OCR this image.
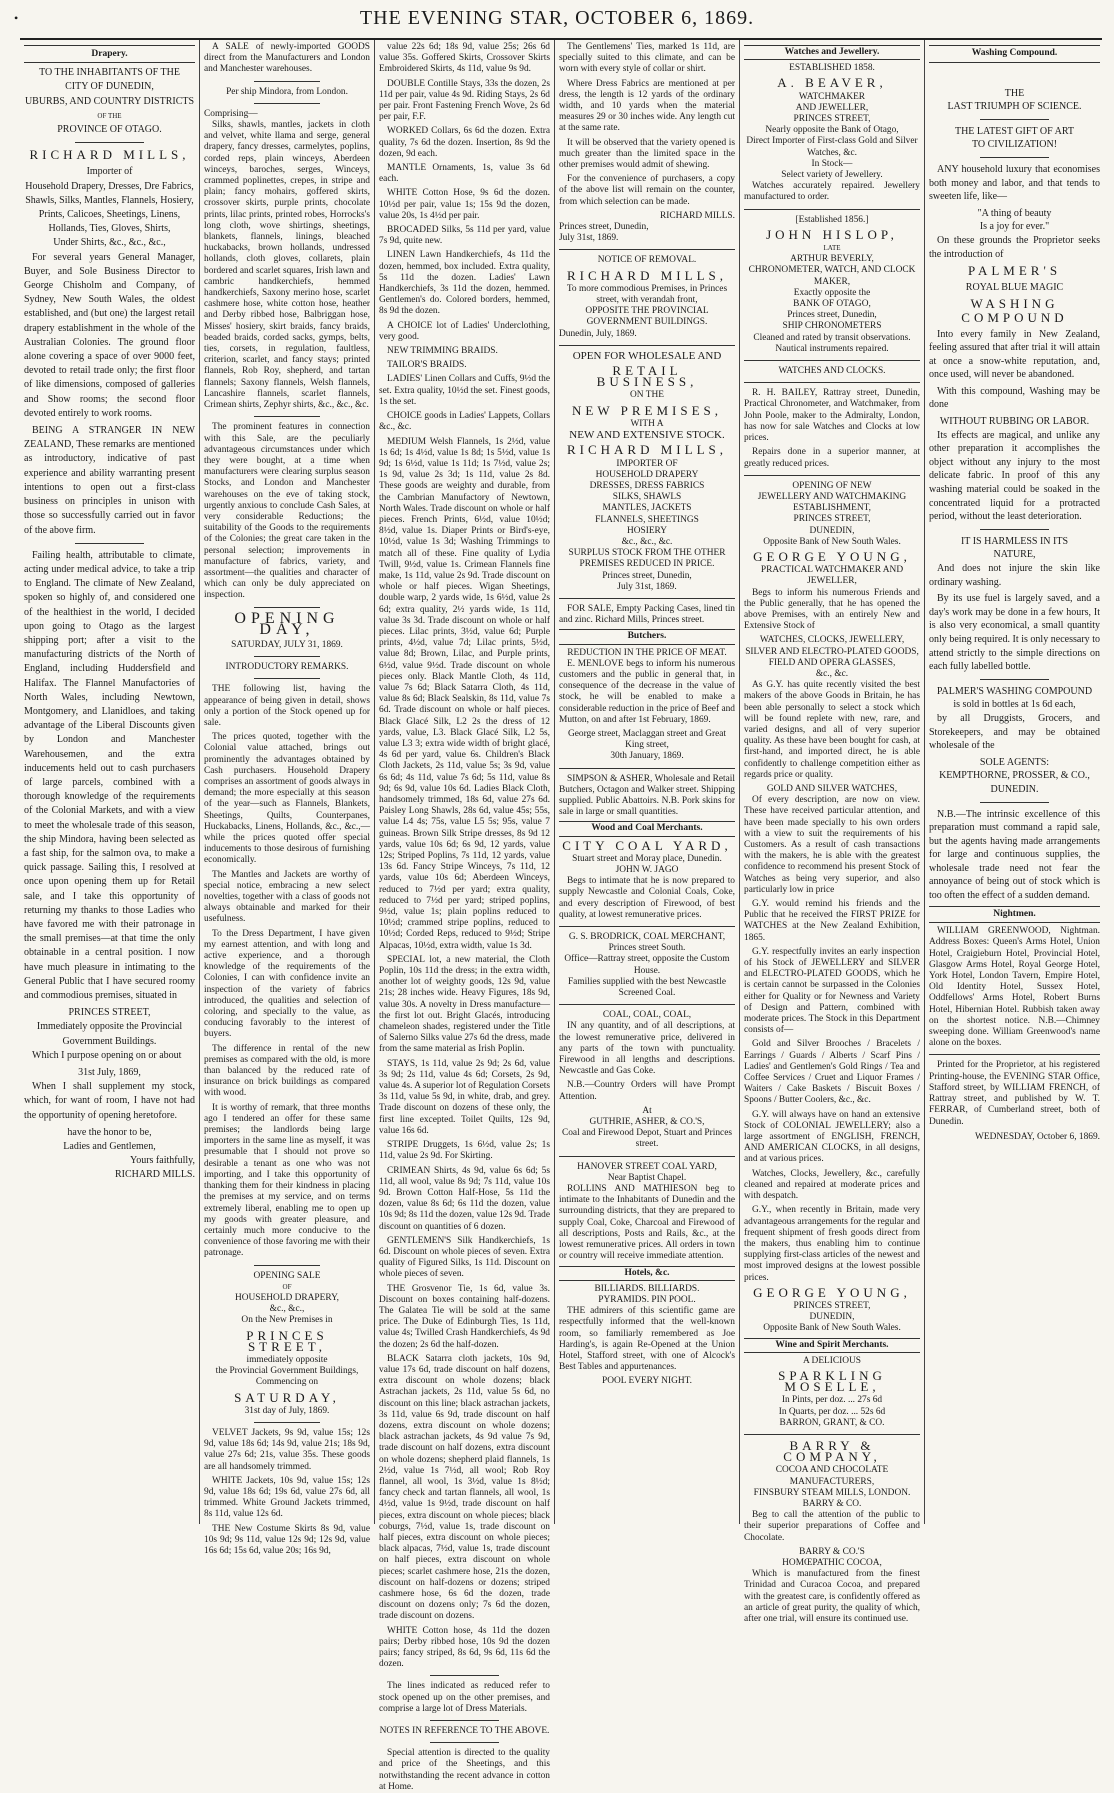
•	THE EVENING STAR, OCTOBER 6, 1869.
Drapery.
TO THE INHABITANTS OF THE
CITY OF DUNEDIN,
UBURBS, AND COUNTRY DISTRICTS
OF THE
PROVINCE OF OTAGO.
RICHARD MILLS,
Importer of
Household Drapery, Dresses, Dre Fabrics,
Shawls, Silks, Mantles, Flannels, Hosiery,
Prints, Calicoes, Sheetings, Linens,
Hollands, Ties, Gloves, Shirts,
Under Shirts, &c., &c., &c.,

For several years General Manager, Buyer, and Sole Business Director to George Chisholm and Company, of Sydney, New South Wales, the oldest established, and (but one) the largest retail drapery establishment in the whole of the Australian Colonies. The ground floor alone covering a space of over 9000 feet, devoted to retail trade only; the first floor of like dimensions, composed of galleries and Show rooms; the second floor devoted entirely to work rooms.

BEING A STRANGER IN NEW ZEALAND, These remarks are mentioned as introductory, indicative of past experience and ability warranting present intentions to open out a first-class business on principles in unison with those so successfully carried out in favor of the above firm.

Failing health, attributable to climate, acting under medical advice, to take a trip to England. The climate of New Zealand, spoken so highly of, and considered one of the healthiest in the world, I decided upon going to Otago as the largest shipping port; after a visit to the manufacturing districts of the North of England, including Huddersfield and Halifax. The Flannel Manufactories of North Wales, including Newtown, Montgomery, and Llanidloes, and taking advantage of the Liberal Discounts given by London and Manchester Warehousemen, and the extra inducements held out to cash purchasers of large parcels, combined with a thorough knowledge of the requirements of the Colonial Markets, and with a view to meet the wholesale trade of this season, the ship Mindora, having been selected as a fast ship, for the salmon ova, to make a quick passage. Sailing this, I resolved at once upon opening them up for Retail sale, and I take this opportunity of returning my thanks to those Ladies who have favored me with their patronage in the small premises—at that time the only obtainable in a central position. I now have much pleasure in intimating to the General Public that I have secured roomy and commodious premises, situated in

PRINCES STREET,
Immediately opposite the Provincial
Government Buildings.

Which I purpose opening on or about

31st July, 1869,

When I shall supplement my stock, which, for want of room, I have not had the opportunity of opening heretofore.

have the honor to be,
Ladies and Gentlemen,
Yours faithfully,
RICHARD MILLS.

A SALE of newly-imported GOODS direct from the Manufacturers and London and Manchester warehouses.

Per ship Mindora, from London.
Comprising—

Silks, shawls, mantles, jackets in cloth and velvet, white llama and serge, general drapery, fancy dresses, carmelytes, poplins, corded reps, plain winceys, Aberdeen winceys, baroches, serges, Winceys, crammed poplinettes, crepes, in stripe and plain; fancy mohairs, goffered skirts, crossover skirts, purple prints, chocolate prints, lilac prints, printed robes, Horrocks's long cloth, wove shirtings, sheetings, blankets, flannels, linings, bleached huckabacks, brown hollands, undressed hollands, cloth gloves, collarets, plain bordered and scarlet squares, Irish lawn and cambric handkerchiefs, hemmed handkerchiefs, Saxony merino hose, scarlet cashmere hose, white cotton hose, heather and Derby ribbed hose, Balbriggan hose, Misses' hosiery, skirt braids, fancy braids, beaded braids, corded sacks, gymps, belts, ties, corsets, in regulation, faultless, criterion, scarlet, and fancy stays; printed flannels, Rob Roy, shepherd, and tartan flannels; Saxony flannels, Welsh flannels, Lancashire flannels, scarlet flannels, Crimean shirts, Zephyr shirts, &c., &c., &c.

The prominent features in connection with this Sale, are the peculiarly advantageous circumstances under which they were bought, at a time when manufacturers were clearing surplus season Stocks, and London and Manchester warehouses on the eve of taking stock, urgently anxious to conclude Cash Sales, at very considerable Reductions; the suitability of the Goods to the requirements of the Colonies; the great care taken in the personal selection; improvements in manufacture of fabrics, variety, and assortment—the qualities and character of which can only be duly appreciated on inspection.

OPENING DAY,
SATURDAY, JULY 31, 1869.
INTRODUCTORY REMARKS.

THE following list, having the appearance of being given in detail, shows only a portion of the Stock opened up for sale.

The prices quoted, together with the Colonial value attached, brings out prominently the advantages obtained by Cash purchasers. Household Drapery comprises an assortment of goods always in demand; the more especially at this season of the year—such as Flannels, Blankets, Sheetings, Quilts, Counterpanes, Huckabacks, Linens, Hollands, &c., &c.,—while the prices quoted offer special inducements to those desirous of furnishing economically.

The Mantles and Jackets are worthy of special notice, embracing a new select novelties, together with a class of goods not always obtainable and marked for their usefulness.

To the Dress Department, I have given my earnest attention, and with long and active experience, and a thorough knowledge of the requirements of the Colonies, I can with confidence invite an inspection of the variety of fabrics introduced, the qualities and selection of coloring, and specially to the value, as conducing favorably to the interest of buyers.

The difference in rental of the new premises as compared with the old, is more than balanced by the reduced rate of insurance on brick buildings as compared with wood.

It is worthy of remark, that three months ago I tendered an offer for these same premises; the landlords being large importers in the same line as myself, it was presumable that I should not prove so desirable a tenant as one who was not importing, and I take this opportunity of thanking them for their kindness in placing the premises at my service, and on terms extremely liberal, enabling me to open up my goods with greater pleasure, and certainly much more conducive to the convenience of those favoring me with their patronage.

OPENING SALE
OF
HOUSEHOLD DRAPERY,
&c., &c.,
On the New Premises in
PRINCES STREET,
immediately opposite
the Provincial Government Buildings,
Commencing on
SATURDAY,
31st day of July, 1869.

VELVET Jackets, 9s 9d, value 15s; 12s 9d, value 18s 6d; 14s 9d, value 21s; 18s 9d, value 27s 6d; 21s, value 35s. These goods are all handsomely trimmed.

WHITE Jackets, 10s 9d, value 15s; 12s 9d, value 18s 6d; 19s 6d, value 27s 6d, all trimmed. White Ground Jackets trimmed, 8s 11d, value 12s 6d.

THE New Costume Skirts 8s 9d, value 10s 9d; 9s 11d, value 12s 9d; 12s 9d, value 16s 6d; 15s 6d, value 20s; 16s 9d,

value 22s 6d; 18s 9d, value 25s; 26s 6d value 35s. Goffered Skirts, Crossover Skirts Embroidered Skirts, 4s 11d, value 9s 9d.

DOUBLE Contille Stays, 33s the dozen, 2s 11d per pair, value 4s 9d. Riding Stays, 2s 6d per pair. Front Fastening French Wove, 2s 6d per pair, F.F.

WORKED Collars, 6s 6d the dozen. Extra quality, 7s 6d the dozen. Insertion, 8s 9d the dozen, 9d each.

MANTLE Ornaments, 1s, value 3s 6d each.

WHITE Cotton Hose, 9s 6d the dozen. 10½d per pair, value 1s; 15s 9d the dozen, value 20s, 1s 4½d per pair.

BROCADED Silks, 5s 11d per yard, value 7s 9d, quite new.

LINEN Lawn Handkerchiefs, 4s 11d the dozen, hemmed, box included. Extra quality, 5s 11d the dozen. Ladies' Lawn Handkerchiefs, 3s 11d the dozen, hemmed. Gentlemen's do. Colored borders, hemmed, 8s 9d the dozen.

A CHOICE lot of Ladies' Underclothing, very good.

NEW TRIMMING BRAIDS.

TAILOR'S BRAIDS.

LADIES' Linen Collars and Cuffs, 9½d the set. Extra quality, 10½d the set. Finest goods, 1s the set.

CHOICE goods in Ladies' Lappets, Collars &c., &c.

MEDIUM Welsh Flannels, 1s 2½d, value 1s 6d; 1s 4½d, value 1s 8d; 1s 5½d, value 1s 9d; 1s 6½d, value 1s 11d; 1s 7½d, value 2s; 1s 9d, value 2s 3d; 1s 11d, value 2s 8d. These goods are weighty and durable, from the Cambrian Manufactory of Newtown, North Wales. Trade discount on whole or half pieces. French Prints, 6½d, value 10½d; 8½d, value 1s. Diaper Prints or Bird's-eye, 10½d, value 1s 3d; Washing Trimmings to match all of these. Fine quality of Lydia Twill, 9½d, value 1s. Crimean Flannels fine make, 1s 11d, value 2s 9d. Trade discount on whole or half pieces. Wigan Sheetings, double warp, 2 yards wide, 1s 6½d, value 2s 6d; extra quality, 2½ yards wide, 1s 11d, value 3s 3d. Trade discount on whole or half pieces. Lilac prints, 3½d, value 6d; Purple prints, 4½d, value 7d; Lilac prints, 5½d, value 8d; Brown, Lilac, and Purple prints, 6½d, value 9½d. Trade discount on whole pieces only. Black Mantle Cloth, 4s 11d, value 7s 6d; Black Satarra Cloth, 4s 11d, value 8s 6d; Black Sealskin, 8s 11d, value 7s 6d. Trade discount on whole or half pieces. Black Glacé Silk, L2 2s the dress of 12 yards, value, L3. Black Glacé Silk, L2 5s, value L3 3; extra wide width of bright glacé, 4s 6d per yard, value 6s. Children's Black Cloth Jackets, 2s 11d, value 5s; 3s 9d, value 6s 6d; 4s 11d, value 7s 6d; 5s 11d, value 8s 9d; 6s 9d, value 10s 6d. Ladies Black Cloth, handsomely trimmed, 18s 6d, value 27s 6d. Paisley Long Shawls, 28s 6d, value 45s; 55s, value L4 4s; 75s, value L5 5s; 95s, value 7 guineas. Brown Silk Stripe dresses, 8s 9d 12 yards, value 10s 6d; 6s 9d, 12 yards, value 12s; Striped Poplins, 7s 11d, 12 yards, value 13s 6d. Fancy Stripe Winceys, 7s 11d, 12 yards, value 10s 6d; Aberdeen Winceys, reduced to 7½d per yard; extra quality, reduced to 7½d per yard; striped poplins, 9½d, value 1s; plain poplins reduced to 10½d; crammed stripe poplins, reduced to 10½d; Corded Reps, reduced to 9½d; Stripe Alpacas, 10½d, extra width, value 1s 3d.

SPECIAL lot, a new material, the Cloth Poplin, 10s 11d the dress; in the extra width, another lot of weighty goods, 12s 9d, value 21s; 28 inches wide. Heavy Figures, 18s 9d, value 30s. A novelty in Dress manufacture—the first lot out. Bright Glacés, introducing chameleon shades, registered under the Title of Salerno Silks value 27s 6d the dress, made from the same material as Irish Poplin.

STAYS, 1s 11d, value 2s 9d; 2s 6d, value 3s 9d; 2s 11d, value 4s 6d; Corsets, 2s 9d, value 4s. A superior lot of Regulation Corsets 3s 11d, value 5s 9d, in white, drab, and grey. Trade discount on dozens of these only, the first line excepted. Toilet Quilts, 12s 9d, value 16s 6d.

STRIPE Druggets, 1s 6½d, value 2s; 1s 11d, value 2s 9d. For Skirting.

CRIMEAN Shirts, 4s 9d, value 6s 6d; 5s 11d, all wool, value 8s 9d; 7s 11d, value 10s 9d. Brown Cotton Half-Hose, 5s 11d the dozen, value 8s 6d; 6s 11d the dozen, value 10s 9d; 8s 11d the dozen, value 12s 9d. Trade discount on quantities of 6 dozen.

GENTLEMEN'S Silk Handkerchiefs, 1s 6d. Discount on whole pieces of seven. Extra quality of Figured Silks, 1s 11d. Discount on whole pieces of seven.

THE Grosvenor Tie, 1s 6d, value 3s. Discount on boxes containing half-dozens. The Galatea Tie will be sold at the same price. The Duke of Edinburgh Ties, 1s 11d, value 4s; Twilled Crash Handkerchiefs, 4s 9d the dozen; 2s 6d the half-dozen.

BLACK Satarra cloth jackets, 10s 9d, value 17s 6d, trade discount on half dozens, extra discount on whole dozens; black Astrachan jackets, 2s 11d, value 5s 6d, no discount on this line; black astrachan jackets, 3s 11d, value 6s 9d, trade discount on half dozens, extra discount on whole dozens; black astrachan jackets, 4s 9d value 7s 9d, trade discount on half dozens, extra discount on whole dozens; shepherd plaid flannels, 1s 2½d, value 1s 7½d, all wool; Rob Roy flannel, all wool, 1s 3½d, value 1s 8½d; fancy check and tartan flannels, all wool, 1s 4½d, value 1s 9½d, trade discount on half pieces, extra discount on whole pieces; black coburgs, 7½d, value 1s, trade discount on half pieces, extra discount on whole pieces; black alpacas, 7½d, value 1s, trade discount on half pieces, extra discount on whole pieces; scarlet cashmere hose, 21s the dozen, discount on half-dozens or dozens; striped cashmere hose, 6s 6d the dozen, trade discount on dozens only; 7s 6d the dozen, trade discount on dozens.

WHITE Cotton hose, 4s 11d the dozen pairs; Derby ribbed hose, 10s 9d the dozen pairs; fancy striped, 8s 6d, 9s 6d, 11s 6d the dozen.

The lines indicated as reduced refer to stock opened up on the other premises, and comprise a large lot of Dress Materials.

NOTES IN REFERENCE TO THE ABOVE.

Special attention is directed to the quality and price of the Sheetings, and this notwithstanding the recent advance in cotton at Home.

The Gentlemens' Ties, marked 1s 11d, are specially suited to this climate, and can be worn with every style of collar or shirt.

Where Dress Fabrics are mentioned at per dress, the length is 12 yards of the ordinary width, and 10 yards when the material measures 29 or 30 inches wide. Any length cut at the same rate.

It will be observed that the variety opened is much greater than the limited space in the other premises would admit of shewing.

For the convenience of purchasers, a copy of the above list will remain on the counter, from which selection can be made.

RICHARD MILLS.
Princes street, Dunedin,
July 31st, 1869.
NOTICE OF REMOVAL.
RICHARD MILLS,
To more commodious Premises, in Princes street, with verandah front,
OPPOSITE THE PROVINCIAL GOVERNMENT BUILDINGS.
Dunedin, July, 1869.
OPEN FOR WHOLESALE AND
RETAIL BUSINESS,
ON THE
NEW PREMISES,
WITH A
NEW AND EXTENSIVE STOCK.
RICHARD MILLS,
IMPORTER OF
HOUSEHOLD DRAPERY
DRESSES, DRESS FABRICS
SILKS, SHAWLS
MANTLES, JACKETS
FLANNELS, SHEETINGS
HOSIERY
&c., &c., &c.
SURPLUS STOCK FROM THE OTHER
PREMISES REDUCED IN PRICE.
Princes street, Dunedin,
July 31st, 1869.

FOR SALE, Empty Packing Cases, lined tin and zinc. Richard Mills, Princes street.

Butchers.
REDUCTION IN THE PRICE OF MEAT.

E. MENLOVE begs to inform his numerous customers and the public in general that, in consequence of the decrease in the value of stock, he will be enabled to make a considerable reduction in the price of Beef and Mutton, on and after 1st February, 1869.

George street, Maclaggan street and Great King street,
30th January, 1869.

SIMPSON & ASHER, Wholesale and Retail Butchers, Octagon and Walker street. Shipping supplied. Public Abattoirs. N.B. Pork skins for sale in large or small quantities.

Wood and Coal Merchants.
CITY COAL YARD,
Stuart street and Moray place, Dunedin.
JOHN W. JAGO

Begs to intimate that he is now prepared to supply Newcastle and Colonial Coals, Coke, and every description of Firewood, of best quality, at lowest remunerative prices.

G. S. BRODRICK, COAL MERCHANT,
Princes street South.
Office—Rattray street, opposite the Custom House.
Families supplied with the best Newcastle Screened Coal.
COAL, COAL, COAL,

IN any quantity, and of all descriptions, at the lowest remunerative price, delivered in any parts of the town with punctuality. Firewood in all lengths and descriptions. Newcastle and Gas Coke.

N.B.—Country Orders will have Prompt Attention.

At
GUTHRIE, ASHER, & CO.'S,
Coal and Firewood Depot, Stuart and Princes street.
HANOVER STREET COAL YARD,
Near Baptist Chapel.

ROLLINS AND MATHIESON beg to intimate to the Inhabitants of Dunedin and the surrounding districts, that they are prepared to supply Coal, Coke, Charcoal and Firewood of all descriptions, Posts and Rails, &c., at the lowest remunerative prices. All orders in town or country will receive immediate attention.

Hotels, &c.
BILLIARDS. BILLIARDS.
PYRAMIDS. PIN POOL.

THE admirers of this scientific game are respectfully informed that the well-known room, so familiarly remembered as Joe Harding's, is again Re-Opened at the Union Hotel, Stafford street, with one of Alcock's Best Tables and appurtenances.

POOL EVERY NIGHT.
Watches and Jewellery.
ESTABLISHED 1858.
A. BEAVER,
WATCHMAKER
AND JEWELLER,
PRINCES STREET,
Nearly opposite the Bank of Otago,
Direct Importer of First-class Gold and Silver Watches, &c.
In Stock—
Select variety of Jewellery.

Watches accurately repaired. Jewellery manufactured to order.

[Established 1856.]
JOHN HISLOP,
LATE
ARTHUR BEVERLY,
CHRONOMETER, WATCH, AND CLOCK MAKER,
Exactly opposite the
BANK OF OTAGO,
Princes street, Dunedin,
SHIP CHRONOMETERS
Cleaned and rated by transit observations. Nautical instruments repaired.
WATCHES AND CLOCKS.

R. H. BAILEY, Rattray street, Dunedin, Practical Chronometer, and Watchmaker, from John Poole, maker to the Admiralty, London, has now for sale Watches and Clocks at low prices.

Repairs done in a superior manner, at greatly reduced prices.

OPENING OF NEW
JEWELLERY AND WATCHMAKING
ESTABLISHMENT,
PRINCES STREET,
DUNEDIN,
Opposite Bank of New South Wales.
GEORGE YOUNG,
PRACTICAL WATCHMAKER AND JEWELLER,

Begs to inform his numerous Friends and the Public generally, that he has opened the above Premises, with an entirely New and Extensive Stock of

WATCHES, CLOCKS, JEWELLERY, SILVER AND ELECTRO-PLATED GOODS,
FIELD AND OPERA GLASSES,
&c., &c.

As G.Y. has quite recently visited the best makers of the above Goods in Britain, he has been able personally to select a stock which will be found replete with new, rare, and varied designs, and all of very superior quality. As these have been bought for cash, at first-hand, and imported direct, he is able confidently to challenge competition either as regards price or quality.

GOLD AND SILVER WATCHES,

Of every description, are now on view. These have received particular attention, and have been made specially to his own orders with a view to suit the requirements of his Customers. As a result of cash transactions with the makers, he is able with the greatest confidence to recommend his present Stock of Watches as being very superior, and also particularly low in price

G.Y. would remind his friends and the Public that he received the FIRST PRIZE for WATCHES at the New Zealand Exhibition, 1865.

G.Y. respectfully invites an early inspection of his Stock of JEWELLERY and SILVER and ELECTRO-PLATED GOODS, which he is certain cannot be surpassed in the Colonies either for Quality or for Newness and Variety of Design and Pattern, combined with moderate prices. The Stock in this Department consists of—

Gold and Silver Brooches / Bracelets / Earrings / Guards / Alberts / Scarf Pins / Ladies' and Gentlemen's Gold Rings / Tea and Coffee Services / Cruet and Liquor Frames / Waiters / Cake Baskets / Biscuit Boxes / Spoons / Butter Coolers, &c., &c.

G.Y. will always have on hand an extensive Stock of COLONIAL JEWELLERY; also a large assortment of ENGLISH, FRENCH, AND AMERICAN CLOCKS, in all designs, and at various prices.

Watches, Clocks, Jewellery, &c., carefully cleaned and repaired at moderate prices and with despatch.

G.Y., when recently in Britain, made very advantageous arrangements for the regular and frequent shipment of fresh goods direct from the makers, thus enabling him to continue supplying first-class articles of the newest and most improved designs at the lowest possible prices.

GEORGE YOUNG,
PRINCES STREET,
DUNEDIN,
Opposite Bank of New South Wales.
Wine and Spirit Merchants.
A DELICIOUS
SPARKLING MOSELLE,
In Pints, per doz. ... 27s 6d
In Quarts, per doz. ... 52s 6d
BARRON, GRANT, & CO.
BARRY & COMPANY,
COCOA AND CHOCOLATE MANUFACTURERS,
FINSBURY STEAM MILLS, LONDON.
BARRY & CO.

Beg to call the attention of the public to their superior preparations of Coffee and Chocolate.

BARRY & CO.'S
HOMŒPATHIC COCOA,

Which is manufactured from the finest Trinidad and Curacoa Cocoa, and prepared with the greatest care, is confidently offered as an article of great purity, the quality of which, after one trial, will ensure its continued use.

Washing Compound.
THE
LAST TRIUMPH OF SCIENCE.
THE LATEST GIFT OF ART
TO CIVILIZATION!

ANY household luxury that economises both money and labor, and that tends to sweeten life, like—

"A thing of beauty
Is a joy for ever."

On these grounds the Proprietor seeks the introduction of

PALMER'S
ROYAL BLUE MAGIC
WASHING COMPOUND

Into every family in New Zealand, feeling assured that after trial it will attain at once a snow-white reputation, and, once used, will never be abandoned.

With this compound, Washing may be done

WITHOUT RUBBING OR LABOR.

Its effects are magical, and unlike any other preparation it accomplishes the object without any injury to the most delicate fabric. In proof of this any washing material could be soaked in the concentrated liquid for a protracted period, without the least deterioration.

IT IS HARMLESS IN ITS
NATURE,

And does not injure the skin like ordinary washing.

By its use fuel is largely saved, and a day's work may be done in a few hours, It is also very economical, a small quantity only being required. It is only necessary to attend strictly to the simple directions on each fully labelled bottle.

PALMER'S WASHING COMPOUND
is sold in bottles at 1s 6d each,

by all Druggists, Grocers, and Storekeepers, and may be obtained wholesale of the

SOLE AGENTS:
KEMPTHORNE, PROSSER, & CO.,
DUNEDIN.

N.B.—The intrinsic excellence of this preparation must command a rapid sale, but the agents having made arrangements for large and continuous supplies, the wholesale trade need not fear the annoyance of being out of stock which is too often the effect of a sudden demand.

Nightmen.

WILLIAM GREENWOOD, Nightman. Address Boxes: Queen's Arms Hotel, Union Hotel, Craigieburn Hotel, Provincial Hotel, Glasgow Arms Hotel, Royal George Hotel, York Hotel, London Tavern, Empire Hotel, Old Identity Hotel, Sussex Hotel, Oddfellows' Arms Hotel, Robert Burns Hotel, Hibernian Hotel. Rubbish taken away on the shortest notice. N.B.—Chimney sweeping done. William Greenwood's name alone on the boxes.

Printed for the Proprietor, at his registered Printing-house, the EVENING STAR Office, Stafford street, by WILLIAM FRENCH, of Rattray street, and published by W. T. FERRAR, of Cumberland street, both of Dunedin.

WEDNESDAY, October 6, 1869.
